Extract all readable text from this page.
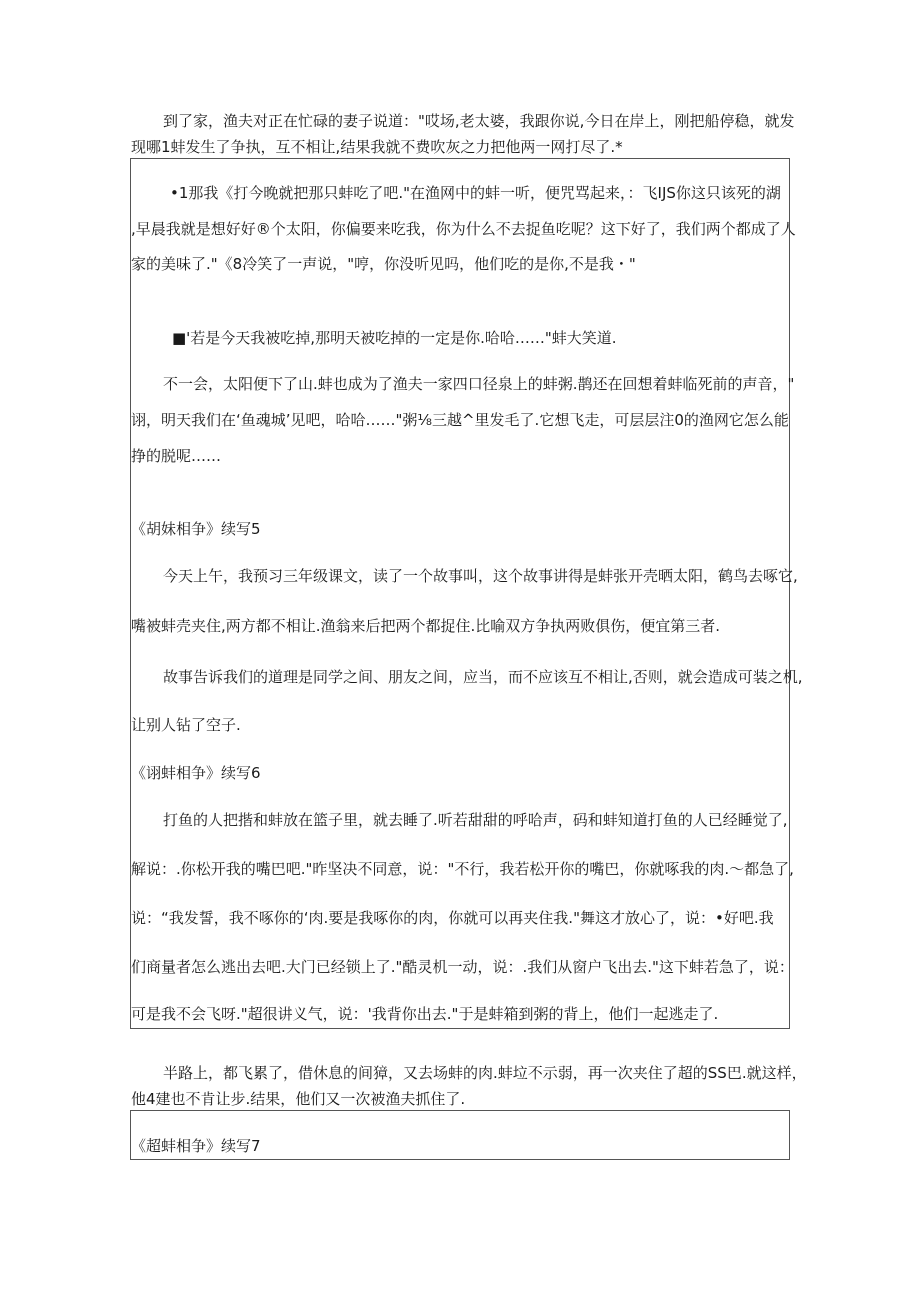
到了家，渔夫对正在忙碌的妻子说道："哎场,老太婆，我跟你说,今日在岸上，刚把船停稳，就发
现哪1蚌发生了争执，互不相让,结果我就不费吹灰之力把他两一网打尽了.*
•1那我《打今晚就把那只蚌吃了吧."在渔网中的蚌一听，便咒骂起来，：飞IJS你这只该死的湖
,早晨我就是想好好®个太阳，你偏要来吃我，你为什么不去捉鱼吃呢？这下好了，我们两个都成了人
家的美味了."《8冷笑了一声说，"哼，你没听见吗，他们吃的是你,不是我・"
■'若是今天我被吃掉,那明天被吃掉的一定是你.哈哈……"蚌大笑道.
不一会，太阳便下了山.蚌也成为了渔夫一家四口径泉上的蚌粥.鹊还在回想着蚌临死前的声音，"
诩，明天我们在‘鱼魂城’见吧，哈哈……"粥⅛三越^里发毛了.它想飞走，可层层注0的渔网它怎么能
挣的脱呢……
《胡妹相争》续写5
今天上午，我预习三年级课文，读了一个故事叫，这个故事讲得是蚌张开壳晒太阳，鹤鸟去啄它,
嘴被蚌壳夹住,两方都不相让.渔翁来后把两个都捉住.比喻双方争执两败俱伤，便宜第三者.
故事告诉我们的道理是同学之间、朋友之间，应当，而不应该互不相让,否则，就会造成可装之机,
让别人钻了空子.
《诩蚌相争》续写6
打鱼的人把揩和蚌放在篮子里，就去睡了.听若甜甜的呼哈声，码和蚌知道打鱼的人已经睡觉了,
解说：.你松开我的嘴巴吧."昨坚决不同意，说："不行，我若松开你的嘴巴，你就啄我的肉.〜都急了,
说：“我发誓，我不啄你的‘肉.要是我啄你的肉，你就可以再夹住我."舞这才放心了，说：•好吧.我
们商量者怎么逃出去吧.大门已经锁上了."酷灵机一动，说：.我们从窗户飞出去."这下蚌若急了，说：
可是我不会飞呀."超很讲义气，说：'我背你出去."于是蚌箱到粥的背上，他们一起逃走了.
半路上，都飞累了，借休息的间獐，又去场蚌的肉.蚌垃不示弱，再一次夹住了超的SS巴.就这样，
他4建也不肯让步.结果，他们又一次被渔夫抓住了.
《超蚌相争》续写7
